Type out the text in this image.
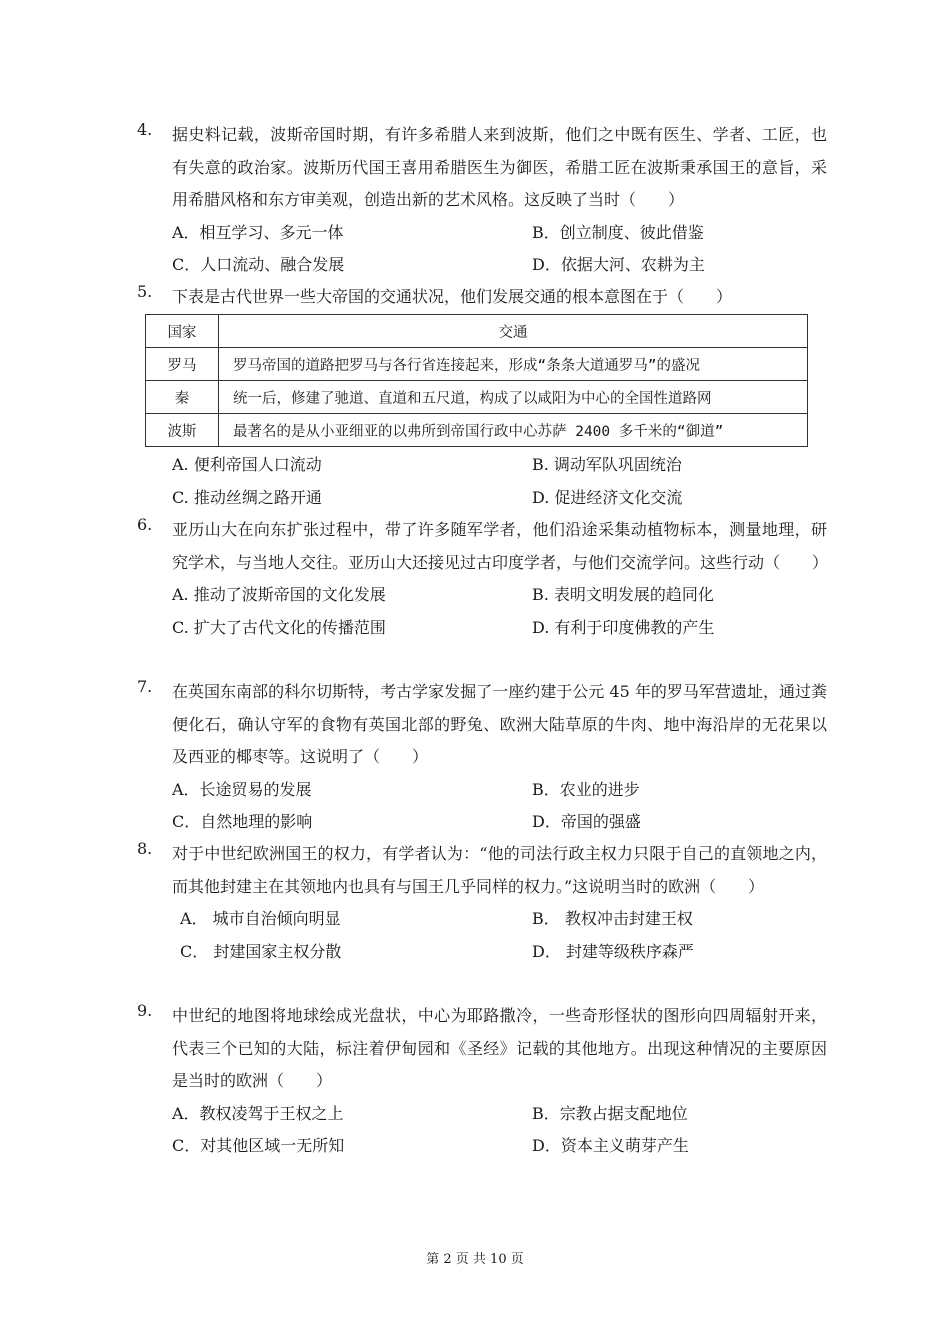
4. 据史料记载，波斯帝国时期，有许多希腊人来到波斯，他们之中既有医生、学者、工匠，也有失意的政治家。波斯历代国王喜用希腊医生为御医，希腊工匠在波斯秉承国王的意旨，采用希腊风格和东方审美观，创造出新的艺术风格。这反映了当时（　　）
A．相互学习、多元一体	B．创立制度、彼此借鉴
C．人口流动、融合发展	D．依据大河、农耕为主
5. 下表是古代世界一些大帝国的交通状况，他们发展交通的根本意图在于（　　）
国家	交通
罗马	罗马帝国的道路把罗马与各行省连接起来，形成“条条大道通罗马”的盛况
秦	统一后，修建了驰道、直道和五尺道，构成了以咸阳为中心的全国性道路网
波斯	最著名的是从小亚细亚的以弗所到帝国行政中心苏萨 2400 多千米的“御道”
A. 便利帝国人口流动	B. 调动军队巩固统治
C. 推动丝绸之路开通	D. 促进经济文化交流
6. 亚历山大在向东扩张过程中，带了许多随军学者，他们沿途采集动植物标本，测量地理，研究学术，与当地人交往。亚历山大还接见过古印度学者，与他们交流学问。这些行动（　　）
A. 推动了波斯帝国的文化发展	B. 表明文明发展的趋同化
C. 扩大了古代文化的传播范围	D. 有利于印度佛教的产生
7. 在英国东南部的科尔切斯特，考古学家发掘了一座约建于公元 45 年的罗马军营遗址，通过粪便化石，确认守军的食物有英国北部的野兔、欧洲大陆草原的牛肉、地中海沿岸的无花果以及西亚的椰枣等。这说明了（　　）
A．长途贸易的发展	B．农业的进步
C．自然地理的影响	D．帝国的强盛
8. 对于中世纪欧洲国王的权力，有学者认为：“他的司法行政主权力只限于自己的直领地之内，而其他封建主在其领地内也具有与国王几乎同样的权力。”这说明当时的欧洲（　　）
A． 城市自治倾向明显	B． 教权冲击封建王权
C． 封建国家主权分散	D． 封建等级秩序森严
9. 中世纪的地图将地球绘成光盘状，中心为耶路撒冷，一些奇形怪状的图形向四周辐射开来，代表三个已知的大陆，标注着伊甸园和《圣经》记载的其他地方。出现这种情况的主要原因是当时的欧洲（　　）
A．教权凌驾于王权之上	B．宗教占据支配地位
C．对其他区域一无所知	D．资本主义萌芽产生
第 2 页 共 10 页
